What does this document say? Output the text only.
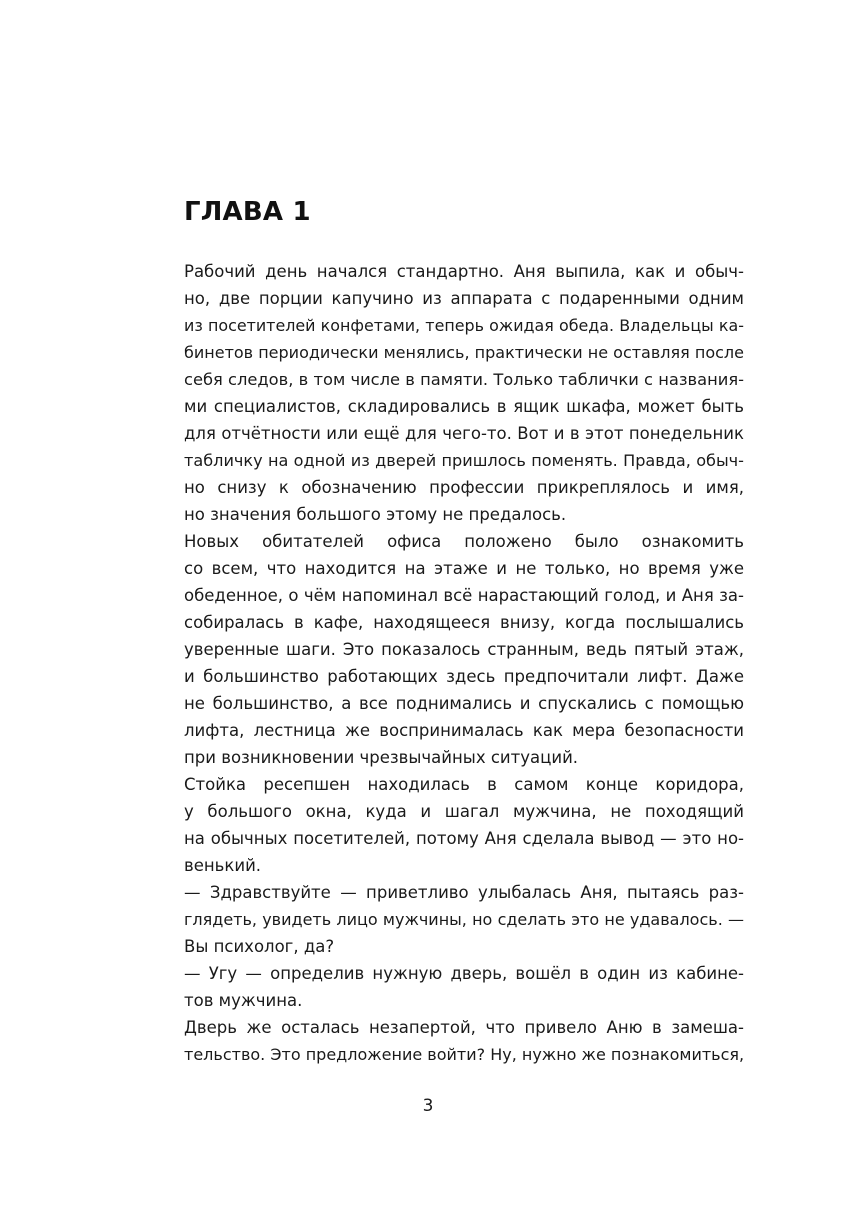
ГЛАВА 1
Рабочий день начался стандартно. Аня выпила, как и обыч-
но, две порции капучино из аппарата с подаренными одним
из посетителей конфетами, теперь ожидая обеда. Владельцы ка-
бинетов периодически менялись, практически не оставляя после
себя следов, в том числе в памяти. Только таблички с названия-
ми специалистов, складировались в ящик шкафа, может быть
для отчётности или ещё для чего-то. Вот и в этот понедельник
табличку на одной из дверей пришлось поменять. Правда, обыч-
но снизу к обозначению профессии прикреплялось и имя,
но значения большого этому не предалось.
Новых обитателей офиса положено было ознакомить
со всем, что находится на этаже и не только, но время уже
обеденное, о чём напоминал всё нарастающий голод, и Аня за-
собиралась в кафе, находящееся внизу, когда послышались
уверенные шаги. Это показалось странным, ведь пятый этаж,
и большинство работающих здесь предпочитали лифт. Даже
не большинство, а все поднимались и спускались с помощью
лифта, лестница же воспринималась как мера безопасности
при возникновении чрезвычайных ситуаций.
Стойка ресепшен находилась в самом конце коридора,
у большого окна, куда и шагал мужчина, не походящий
на обычных посетителей, потому Аня сделала вывод — это но-
венький.
— Здравствуйте — приветливо улыбалась Аня, пытаясь раз-
глядеть, увидеть лицо мужчины, но сделать это не удавалось. —
Вы психолог, да?
— Угу — определив нужную дверь, вошёл в один из кабине-
тов мужчина.
Дверь же осталась незапертой, что привело Аню в замеша-
тельство. Это предложение войти? Ну, нужно же познакомиться,
3
